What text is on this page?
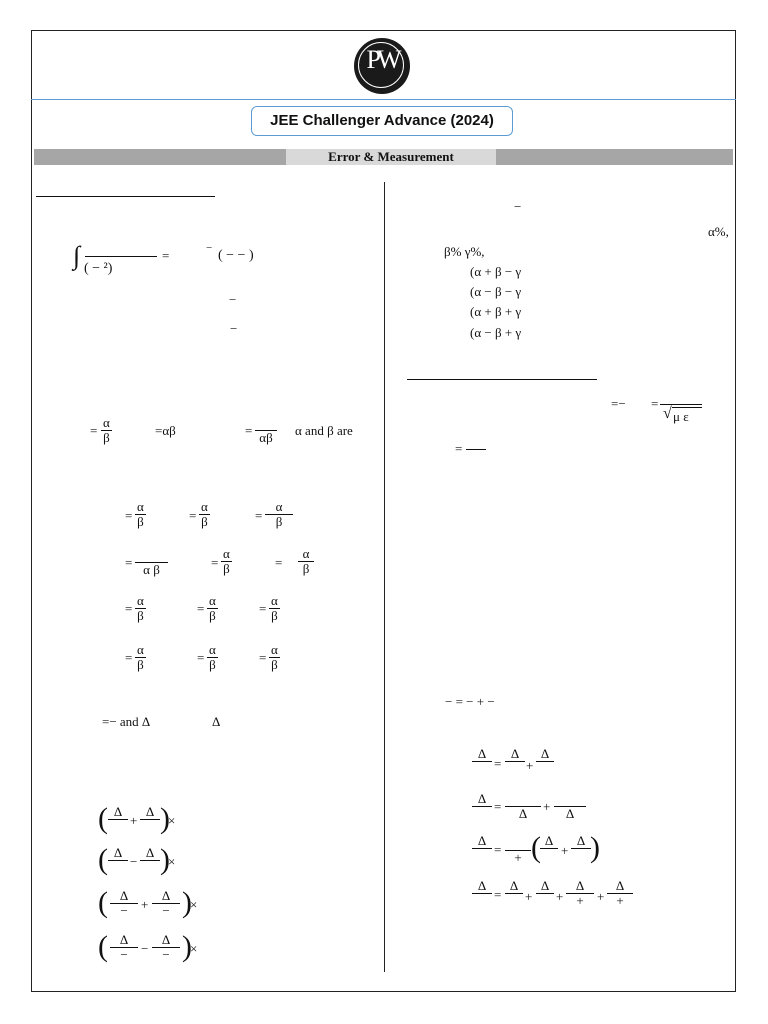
PW
JEE Challenger Advance (2024)
Error & Measurement
∫ ( − ²)
=	− ( − − )
−
−
= $\frac{\alpha}{\beta}$	=αβ	= αβ	α and β are
= $\frac{\alpha}{\beta}$	= $\frac{\alpha}{\beta}$	= $\frac{\alpha}{\beta}$
= α β	= $\frac{\alpha}{\beta}$	= $\frac{\alpha}{\beta}$
= $\frac{\alpha}{\beta}$	= $\frac{\alpha}{\beta}$	= $\frac{\alpha}{\beta}$
= $\frac{\alpha}{\beta}$	= $\frac{\alpha}{\beta}$	= $\frac{\alpha}{\beta}$
=− and Δ	Δ
( Δ
+
Δ )
×
( Δ
−
Δ )
×
( Δ
−	+
Δ
− )
×
( Δ
−	−
Δ
− )
×
−
α%,
β% γ%,
(α + β − γ
(α − β − γ
(α + β + γ
(α − β + γ
=− =
√ μ ε
=
− = − + −
Δ
=
Δ
+
Δ
Δ
=	Δ	+	Δ
Δ
=
+ ( Δ
+
Δ )
Δ
=
Δ
+
Δ
+
Δ
+	+
Δ
+
